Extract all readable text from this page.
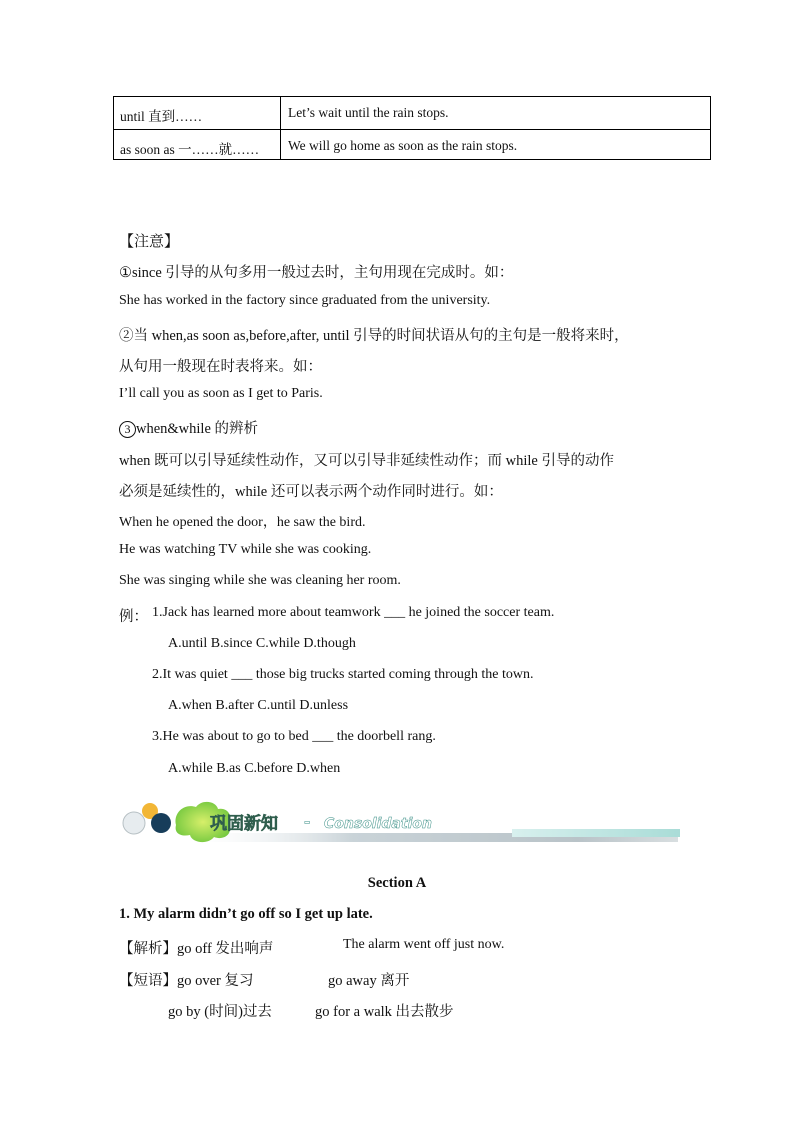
until 直到……	Let’s wait until the rain stops.
as soon as 一……就…… We will go home as soon as the rain stops.
【注意】
①since 引导的从句多用一般过去时，主句用现在完成时。如：
She has worked in the factory since graduated from the university.
②当 when,as soon as,before,after, until 引导的时间状语从句的主句是一般将来时，
从句用一般现在时表将来。如：
I’ll call you as soon as I get to Paris.
3 when&while 的辨析
when 既可以引导延续性动作，又可以引导非延续性动作；而 while 引导的动作
必须是延续性的，while 还可以表示两个动作同时进行。如：
When he opened the door，he saw the bird.
He was watching TV while she was cooking.
She was singing while she was cleaning her room.
例： 1.Jack has learned more about teamwork ___ he joined the soccer team.
A.until B.since C.while D.though
2.It was quiet ___ those big trucks started coming through the town.
A.when B.after C.until D.unless
3.He was about to go to bed ___ the doorbell rang.
A.while B.as C.before D.when
巩固新知 - Consolidation
Section A
1. My alarm didn’t go off so I get up late.
【解析】go off 发出响声	The alarm went off just now.
【短语】go over 复习	go away 离开
go by (时间)过去	go for a walk 出去散步
